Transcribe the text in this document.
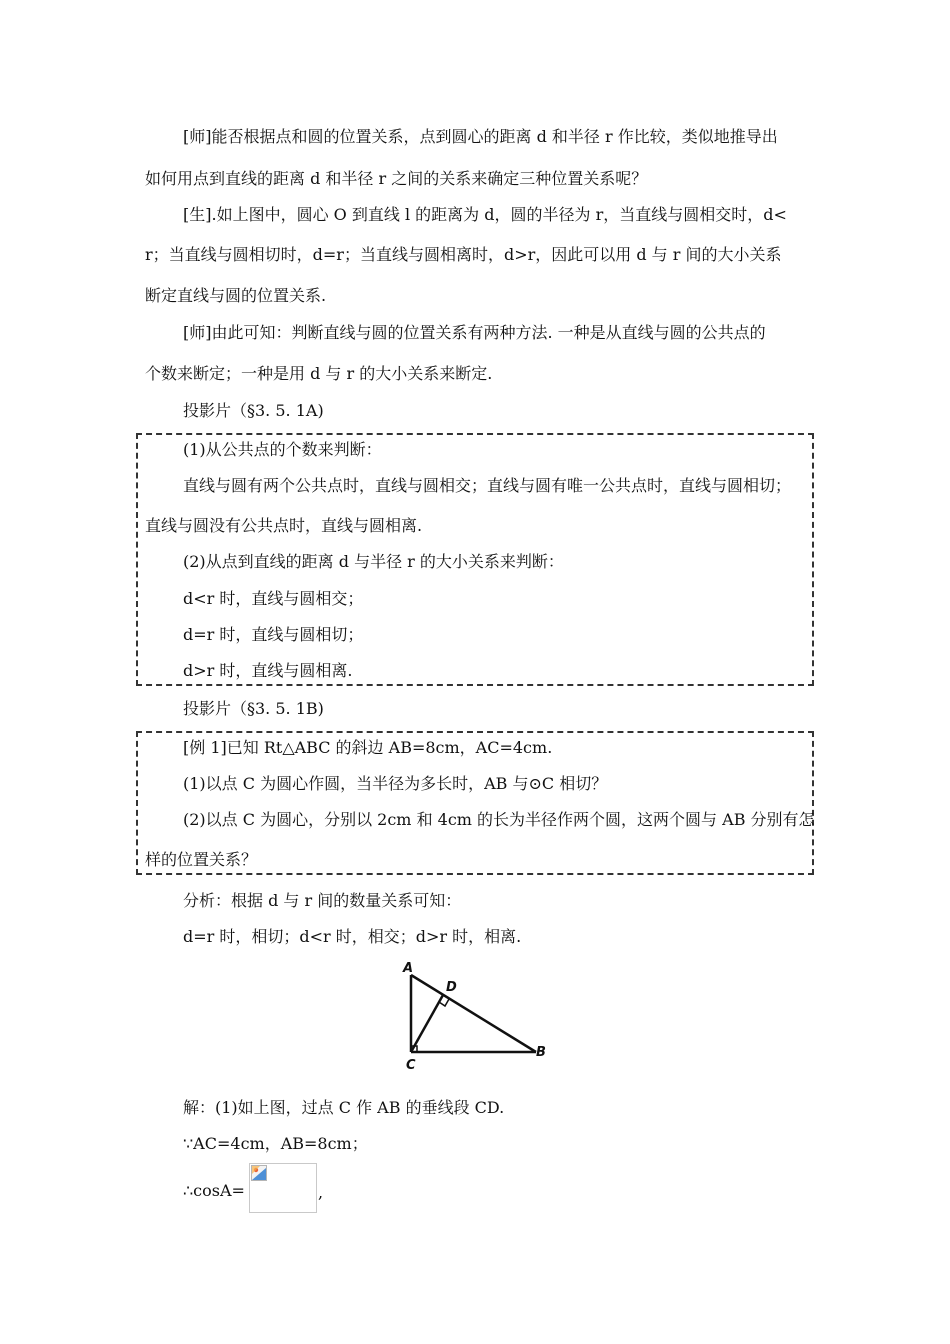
[师]能否根据点和圆的位置关系，点到圆心的距离 d 和半径 r 作比较，类似地推导出
如何用点到直线的距离 d 和半径 r 之间的关系来确定三种位置关系呢？
[生].如上图中，圆心 O 到直线 l 的距离为 d，圆的半径为 r，当直线与圆相交时，d<
r；当直线与圆相切时，d=r；当直线与圆相离时，d>r，因此可以用 d 与 r 间的大小关系
断定直线与圆的位置关系.
[师]由此可知：判断直线与圆的位置关系有两种方法. 一种是从直线与圆的公共点的
个数来断定；一种是用 d 与 r 的大小关系来断定.
投影片（§3. 5. 1A)
(1)从公共点的个数来判断：
直线与圆有两个公共点时，直线与圆相交；直线与圆有唯一公共点时，直线与圆相切；
直线与圆没有公共点时，直线与圆相离.
(2)从点到直线的距离 d 与半径 r 的大小关系来判断：
d<r 时，直线与圆相交；
d=r 时，直线与圆相切；
d>r 时，直线与圆相离.
投影片（§3. 5. 1B)
[例 1]已知 Rt△ABC 的斜边 AB=8cm，AC=4cm.
(1)以点 C 为圆心作圆，当半径为多长时，AB 与⊙C 相切？
(2)以点 C 为圆心，分别以 2cm 和 4cm 的长为半径作两个圆，这两个圆与 AB 分别有怎
样的位置关系？
分析：根据 d 与 r 间的数量关系可知：
d=r 时，相切；d<r 时，相交；d>r 时，相离.
A
D
C
B
解：(1)如上图，过点 C 作 AB 的垂线段 CD.
∵AC=4cm，AB=8cm；
∴cosA=	,
